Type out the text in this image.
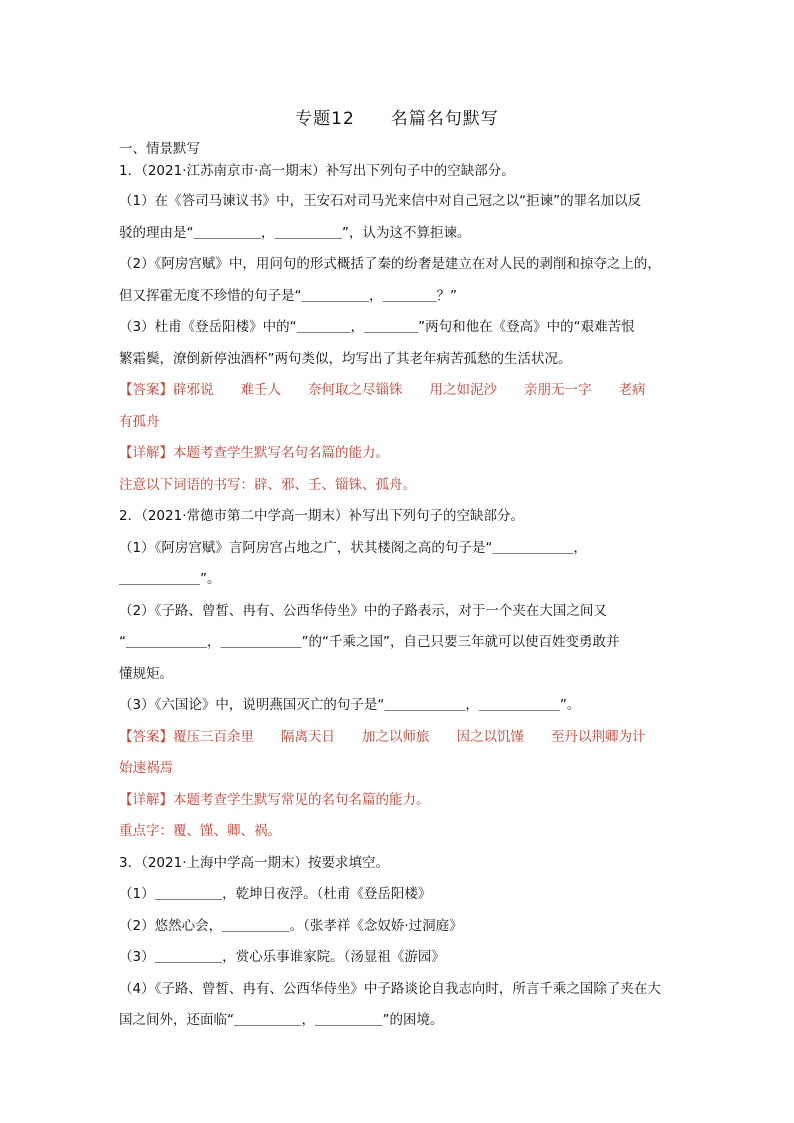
专题12　　名篇名句默写
一、情景默写
1．（2021·江苏南京市·高一期末）补写出下列句子中的空缺部分。
（1）在《答司马谏议书》中，王安石对司马光来信中对自己冠之以“拒谏”的罪名加以反
驳的理由是“＿＿＿＿＿，＿＿＿＿＿”，认为这不算拒谏。
（2）《阿房宫赋》中，用问句的形式概括了秦的纷奢是建立在对人民的剥削和掠夺之上的，
但又挥霍无度不珍惜的句子是“＿＿＿＿＿，＿＿＿＿？”
（3）杜甫《登岳阳楼》中的“＿＿＿＿，＿＿＿＿”两句和他在《登高》中的“艰难苦恨
繁霜鬓，潦倒新停浊酒杯”两句类似，均写出了其老年病苦孤愁的生活状况。
【答案】辟邪说　　难壬人　　奈何取之尽锱铢　　用之如泥沙　　亲朋无一字　　老病
有孤舟
【详解】本题考查学生默写名句名篇的能力。
注意以下词语的书写：辟、邪、壬、锱铢、孤舟。
2．（2021·常德市第二中学高一期末）补写出下列句子的空缺部分。
（1）《阿房宫赋》言阿房宫占地之广，状其楼阁之高的句子是“＿＿＿＿＿＿，
＿＿＿＿＿＿”。
（2）《子路、曾皙、冉有、公西华侍坐》中的子路表示，对于一个夹在大国之间又
“＿＿＿＿＿＿，＿＿＿＿＿＿”的“千乘之国”，自己只要三年就可以使百姓变勇敢并
懂规矩。
（3）《六国论》中，说明燕国灭亡的句子是“＿＿＿＿＿＿，＿＿＿＿＿＿”。
【答案】覆压三百余里　　隔离天日　　加之以师旅　　因之以饥馑　　至丹以荆卿为计
始速祸焉
【详解】本题考查学生默写常见的名句名篇的能力。
重点字：覆、馑、卿、祸。
3．（2021·上海中学高一期末）按要求填空。
（1）＿＿＿＿＿，乾坤日夜浮。（杜甫《登岳阳楼》
（2）悠然心会，＿＿＿＿＿。（张孝祥《念奴娇·过洞庭》
（3）＿＿＿＿＿，赏心乐事谁家院。（汤显祖《游园》
（4）《子路、曾皙、冉有、公西华侍坐》中子路谈论自我志向时，所言千乘之国除了夹在大
国之间外，还面临“＿＿＿＿＿，＿＿＿＿＿”的困境。
